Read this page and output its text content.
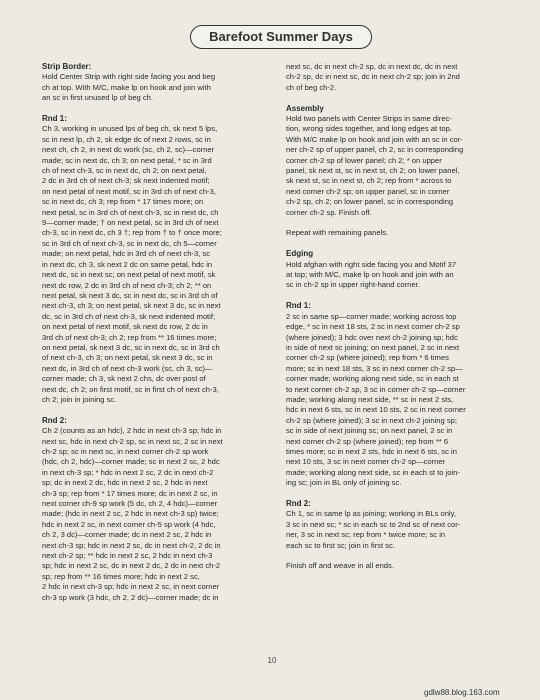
Barefoot Summer Days

Strip Border:

Hold Center Strip with right side facing you and beg
ch at top. With M/C, make lp on hook and join with
an sc in first unused lp of beg ch.

Rnd 1:

Ch 3, working in unused lps of beg ch, sk next 5 lps,
sc in next lp, ch 2, sk edge dc of next 2 rows, sc in
next ch, ch 2, in next dc work (sc, ch 2, sc)—corner
made; sc in next dc, ch 3; on next petal, * sc in 3rd
ch of next ch-3, sc in next dc, ch 2; on next petal,
2 dc in 3rd ch of next ch-3; sk next indented motif;
on next petal of next motif, sc in 3rd ch of next ch-3,
sc in next dc, ch 3; rep from * 17 times more; on
next petal, sc in 3rd ch of next ch-3, sc in next dc, ch
9—corner made; † on next petal, sc in 3rd ch of next
ch-3, sc in next dc, ch 3 †; rep from † to † once more;
sc in 3rd ch of next ch-3, sc in next dc, ch 5—corner
made; on next petal, hdc in 3rd ch of next ch-3, sc
in next dc, ch 3, sk next 2 dc on same petal, hdc in
next dc, sc in next sc; on next petal of next motif, sk
next dc row, 2 dc in 3rd ch of next ch-3; ch 2; ** on
next petal, sk next 3 dc, sc in next dc, sc in 3rd ch of
next ch-3, ch 3; on next petal, sk next 3 dc, sc in next
dc, sc in 3rd ch of next ch-3, sk next indented motif;
on next petal of next motif, sk next dc row, 2 dc in
3rd ch of next ch-3; ch 2; rep from ** 16 times more;
on next petal, sk next 3 dc, sc in next dc, sc in 3rd ch
of next ch-3, ch 3; on next petal, sk next 3 dc, sc in
next dc, in 3rd ch of next ch-3 work (sc, ch 3, sc)—
corner made; ch 3, sk next 2 chs, dc over post of
next dc, ch 2; on first motif, sc in first ch of next ch-3,
ch 2; join in joining sc.

Rnd 2:

Ch 2 (counts as an hdc), 2 hdc in next ch-3 sp; hdc in
next sc, hdc in next ch-2 sp, sc in next sc, 2 sc in next
ch-2 sp; sc in next sc, in next corner ch-2 sp work
(hdc, ch 2, hdc)—corner made; sc in next 2 sc, 2 hdc
in next ch-3 sp; * hdc in next 2 sc, 2 dc in next ch-2
sp; dc in next 2 dc, hdc in next 2 sc, 2 hdc in next
ch-3 sp; rep from * 17 times more; dc in next 2 sc, in
next corner ch-9 sp work (5 dc, ch 2, 4 hdc)—corner
made; (hdc in next 2 sc, 2 hdc in next ch-3 sp) twice;
hdc in next 2 sc, in next corner ch-5 sp work (4 hdc,
ch 2, 3 dc)—corner made; dc in next 2 sc, 2 hdc in
next ch-3 sp; hdc in next 2 sc, dc in next ch-2, 2 dc in
next ch-2 sp; ** hdc in next 2 sc, 2 hdc in next ch-3
sp; hdc in next 2 sc, dc in next 2 dc, 2 dc in next ch-2
sp; rep from ** 16 times more; hdc in next 2 sc,
2 hdc in next ch-3 sp; hdc in next 2 sc, in next corner
ch-3 sp work (3 hdc, ch 2, 2 dc)—corner made; dc in

next sc, dc in next ch-2 sp, dc in next dc, dc in next
ch-2 sp, dc in next sc, dc in next ch-2 sp; join in 2nd
ch of beg ch-2.

Assembly

Hold two panels with Center Strips in same direc-
tion, wrong sides together, and long edges at top.
With M/C make lp on hook and join with an sc in cor-
ner ch-2 sp of upper panel, ch 2, sc in corresponding
corner ch-2 sp of lower panel; ch 2; * on upper
panel, sk next st, sc in next st, ch 2; on lower panel,
sk next st, sc in next st, ch 2; rep from * across to
next corner ch-2 sp; on upper panel, sc in corner
ch-2 sp, ch 2; on lower panel, sc in corresponding
corner ch-2 sp. Finish off.

Repeat with remaining panels.

Edging

Hold afghan with right side facing you and Motif 37
at top; with M/C, make lp on hook and join with an
sc in ch-2 sp in upper right-hand corner.

Rnd 1:

2 sc in same sp—corner made; working across top
edge, * sc in next 18 sts, 2 sc in next corner ch-2 sp
(where joined); 3 hdc over next ch-2 joining sp; hdc
in side of next sc joining; on next panel, 2 sc in next
corner ch-2 sp (where joined); rep from * 6 times
more; sc in next 18 sts, 3 sc in next corner ch-2 sp—
corner made; working along next side, sc in each st
to next corner ch-2 sp, 3 sc in corner ch-2 sp—corner
made; working along next side, ** sc in next 2 sts,
hdc in next 6 sts, sc in next 10 sts, 2 sc in next corner
ch-2 sp (where joined); 3 sc in next ch-2 joining sp;
sc in side of next joining sc; on next panel, 2 sc in
next corner ch-2 sp (where joined); rep from ** 6
times more; sc in next 2 sts, hdc in next 6 sts, sc in
next 10 sts, 3 sc in next corner ch-2 sp—corner
made; working along next side, sc in each st to join-
ing sc; join in BL only of joining sc.

Rnd 2:

Ch 1, sc in same lp as joining; working in BLs only,
3 sc in next sc; * sc in each sc to 2nd sc of next cor-
ner, 3 sc in next sc; rep from * twice more; sc in
each sc to first sc; join in first sc.

Finish off and weave in all ends.

10
gdlw88.blog.163.com
